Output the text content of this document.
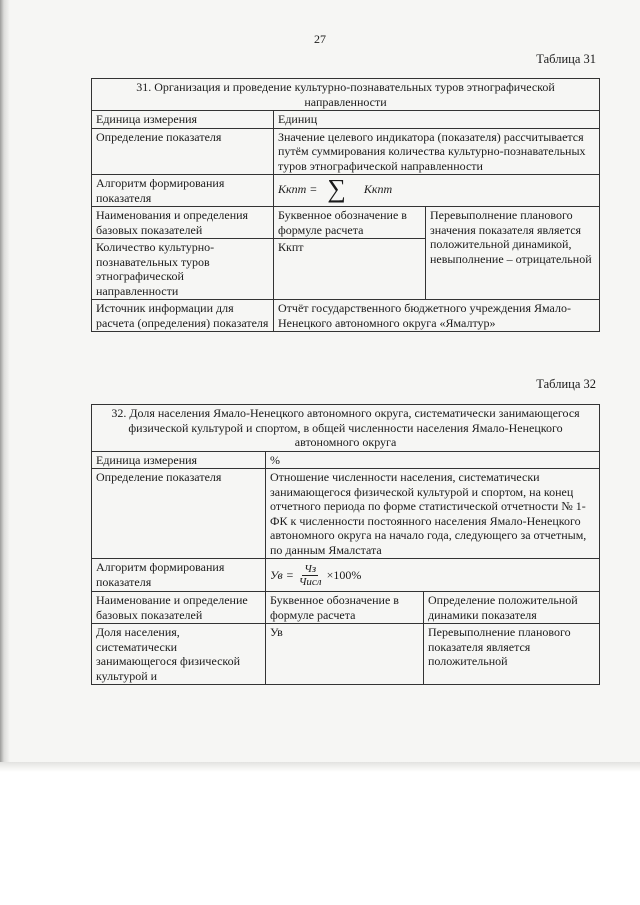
27
Таблица 31
31. Организация и проведение культурно-познавательных туров этнографической направленности		
Единица измерения	Единиц	
Определение показателя	Значение целевого индикатора (показателя) рассчитывается путём суммирования количества культурно-познавательных туров этнографической направленности	
Алгоритм формирования показателя	Ккпт = ∑ Ккпт	

Наименования и определения базовых показателей	Буквенное обозначение в формуле расчета	Перевыполнение планового значения показателя является положительной динамикой, невыполнение – отрицательной
Количество культурно-познавательных туров этнографической направленности	Ккпт	
Источник информации для расчета (определения) показателя	Отчёт государственного бюджетного учреждения Ямало-Ненецкого автономного округа «Ямалтур»	
Таблица 32
32. Доля населения Ямало-Ненецкого автономного округа, систематически занимающегося физической культурой и спортом, в общей численности населения Ямало-Ненецкого автономного округа		
Единица измерения	%	
Определение показателя	Отношение численности населения, систематически занимающегося физической культурой и спортом, на конец отчетного периода по форме статистической отчетности № 1-ФК к численности постоянного населения Ямало-Ненецкого автономного округа на начало года, следующего за отчетным, по данным Ямалстата	
Алгоритм формирования показателя	Ув = $\frac{Чз}{\text{Числ}} \times 100\%$	

Наименование и определение базовых показателей	Буквенное обозначение в формуле расчета	Определение положительной динамики показателя
Доля населения, систематически занимающегося физической культурой и	Ув	Перевыполнение планового показателя является положительной
